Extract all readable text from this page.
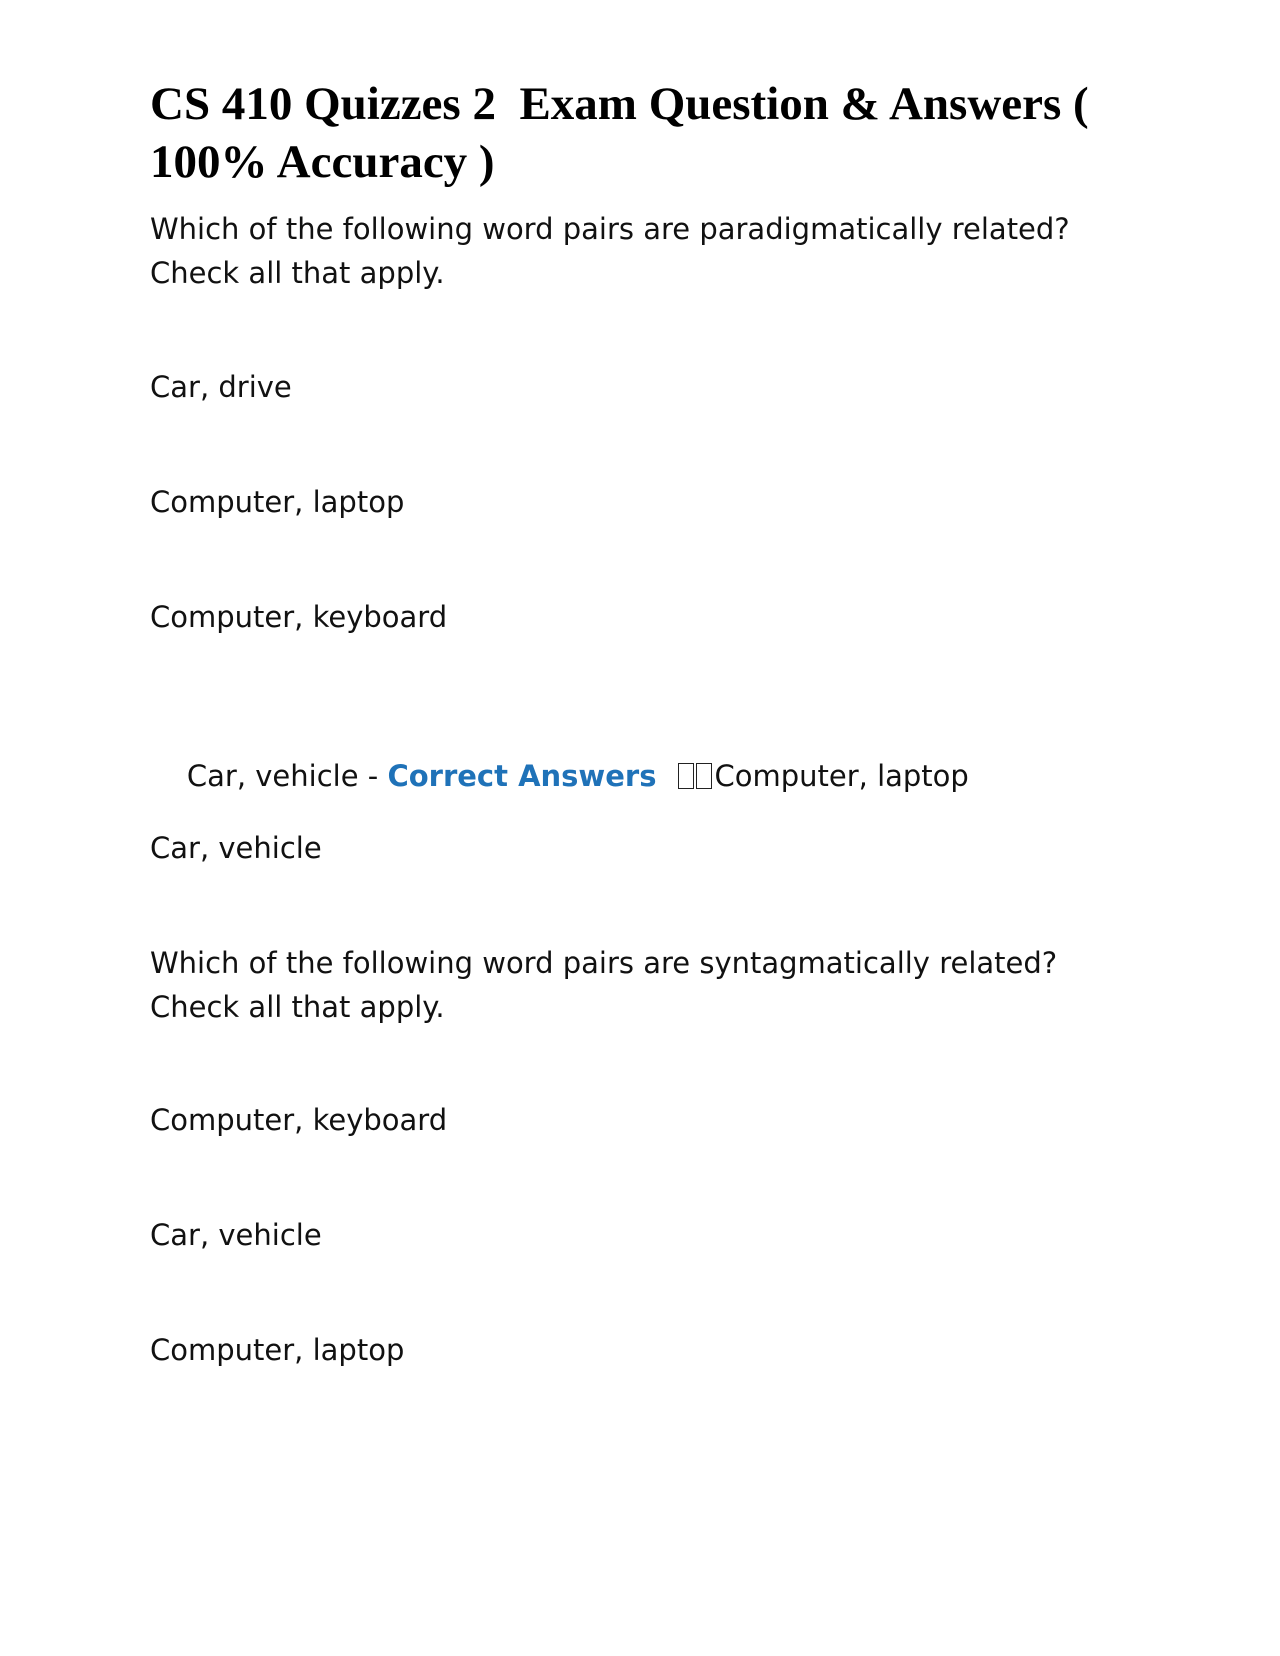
CS 410 Quizzes 2  Exam Question & Answers ( 100% Accuracy )

Which of the following word pairs are paradigmatically related? Check all that apply.

Car, drive

Computer, laptop

Computer, keyboard

Car, vehicle - Correct Answers Computer, laptop

Car, vehicle

Which of the following word pairs are syntagmatically related? Check all that apply.

Computer, keyboard

Car, vehicle

Computer, laptop
